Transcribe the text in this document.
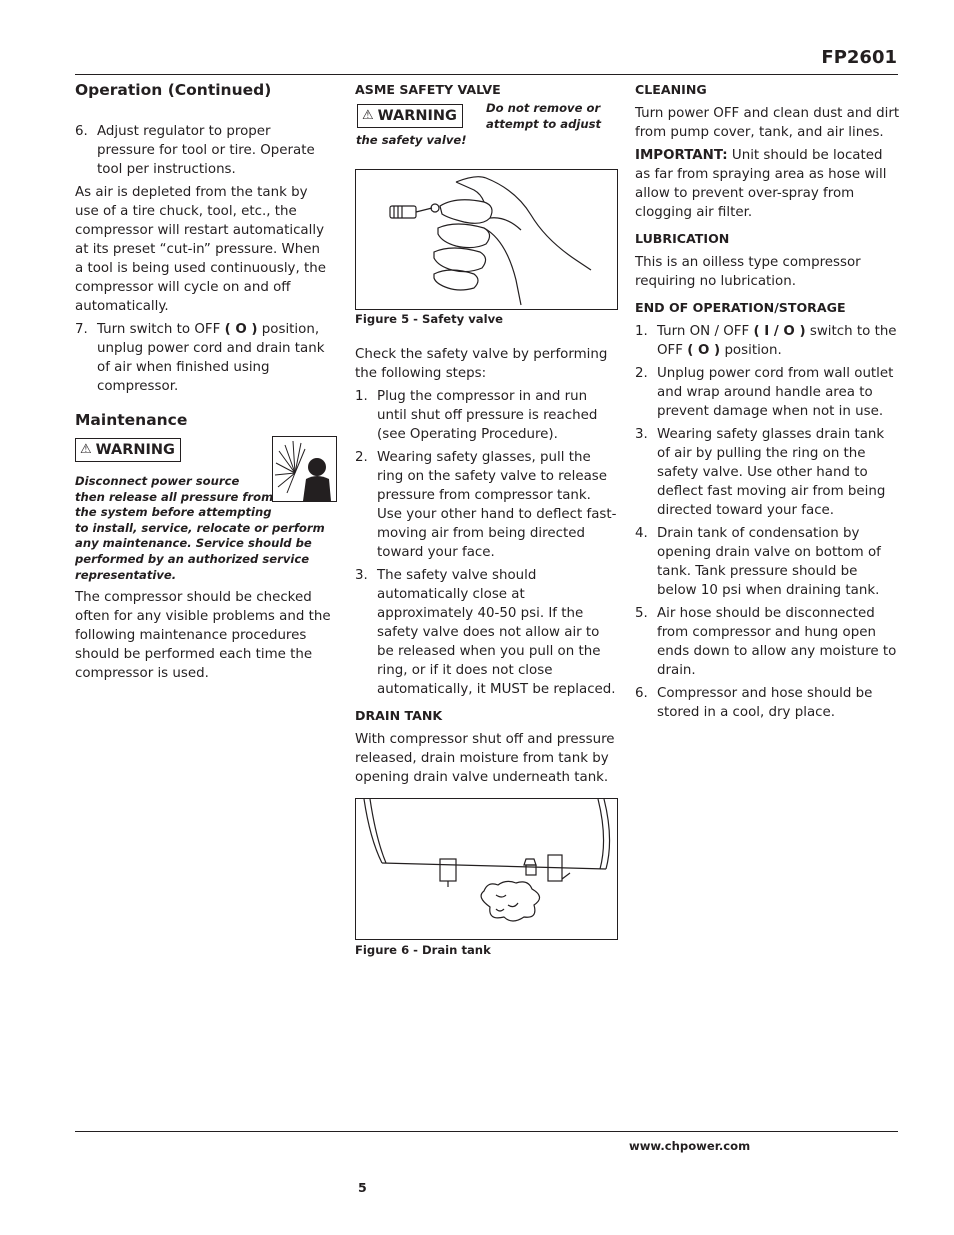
FP2601
Operation (Continued)
6. Adjust regulator to proper pressure for tool or tire. Operate tool per instructions.

As air is depleted from the tank by use of a tire chuck, tool, etc., the compressor will restart automatically at its preset “cut-in” pressure. When a tool is being used continuously, the compressor will cycle on and off automatically.

7. Turn switch to OFF ( O ) position, unplug power cord and drain tank of air when finished using compressor.
Maintenance
⚠ WARNING
Disconnect power source
then release all pressure from
the system before attempting
to install, service, relocate or perform any maintenance. Service should be performed by an authorized service representative.

The compressor should be checked often for any visible problems and the following maintenance procedures should be performed each time the compressor is used.

ASME SAFETY VALVE
⚠ WARNING	Do not remove or
attempt to adjust
the safety valve!
Figure 5 - Safety valve

Check the safety valve by performing the following steps:

1. Plug the compressor in and run until shut off pressure is reached (see Operating Procedure).
2. Wearing safety glasses, pull the ring on the safety valve to release pressure from compressor tank. Use your other hand to deflect fast-moving air from being directed toward your face.
3. The safety valve should automatically close at approximately 40-50 psi. If the safety valve does not allow air to be released when you pull on the ring, or if it does not close automatically, it MUST be replaced.
DRAIN TANK

With compressor shut off and pressure released, drain moisture from tank by opening drain valve underneath tank.

Figure 6 - Drain tank
CLEANING

Turn power OFF and clean dust and dirt from pump cover, tank, and air lines.

IMPORTANT: Unit should be located as far from spraying area as hose will allow to prevent over-spray from clogging air filter.

LUBRICATION

This is an oilless type compressor requiring no lubrication.

END OF OPERATION/STORAGE
1. Turn ON / OFF ( I / O ) switch to the OFF ( O ) position.
2. Unplug power cord from wall outlet and wrap around handle area to prevent damage when not in use.
3. Wearing safety glasses drain tank of air by pulling the ring on the safety valve. Use other hand to deflect fast moving air from being directed toward your face.
4. Drain tank of condensation by opening drain valve on bottom of tank. Tank pressure should be below 10 psi when draining tank.
5. Air hose should be disconnected from compressor and hung open ends down to allow any moisture to drain.
6. Compressor and hose should be stored in a cool, dry place.
www.chpower.com
5
